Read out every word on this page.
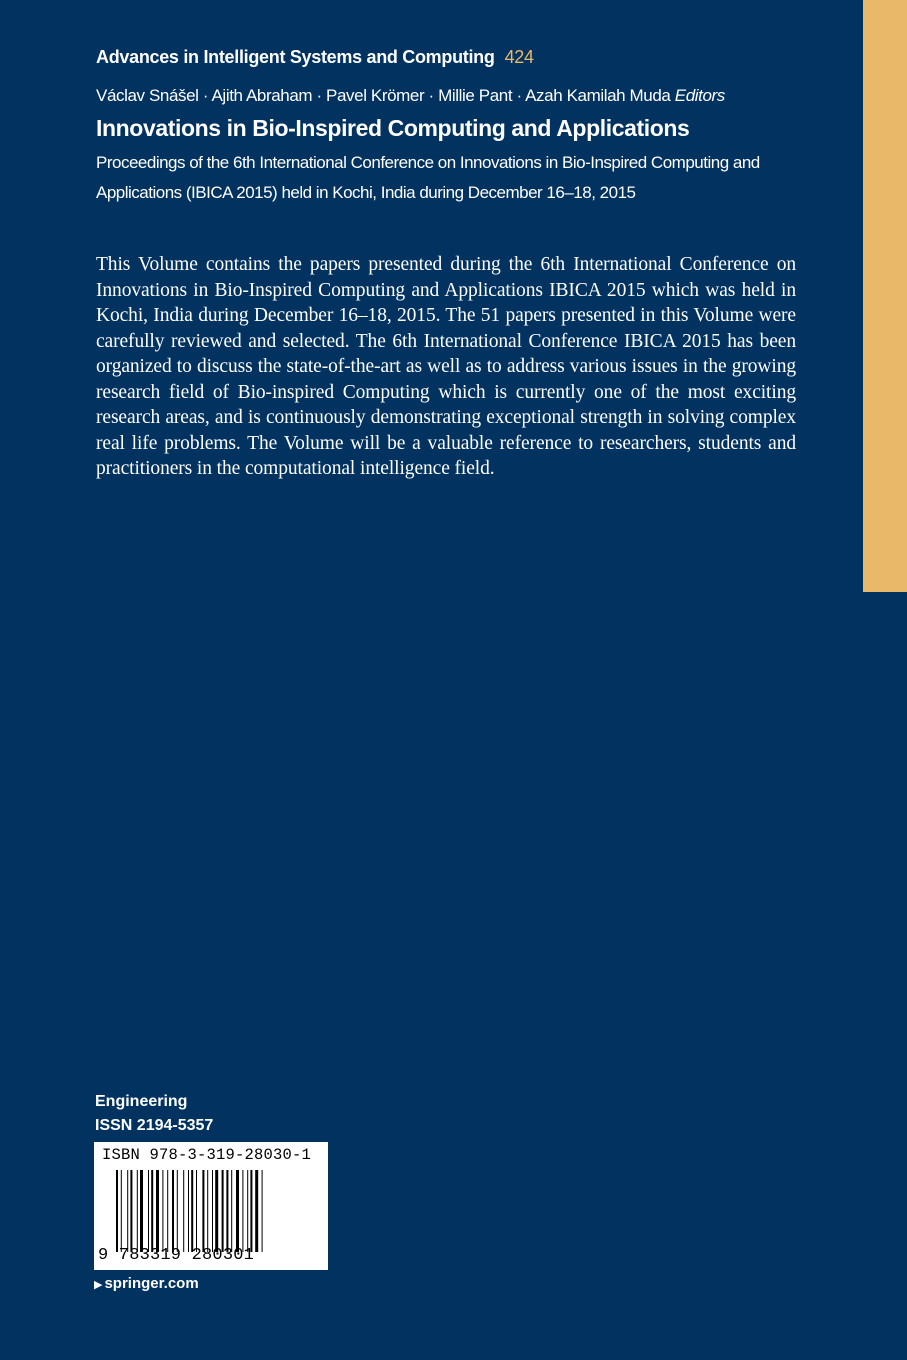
Advances in Intelligent Systems and Computing 424

Václav Snášel · Ajith Abraham · Pavel Krömer · Millie Pant · Azah Kamilah Muda Editors

Innovations in Bio-Inspired Computing and Applications

Proceedings of the 6th International Conference on Innovations in Bio-Inspired Computing and Applications (IBICA 2015) held in Kochi, India during December 16–18, 2015

This Volume contains the papers presented during the 6th International Conference on Innovations in Bio-Inspired Computing and Applications IBICA 2015 which was held in Kochi, India during December 16–18, 2015. The 51 papers presented in this Volume were carefully reviewed and selected. The 6th International Conference IBICA 2015 has been organized to discuss the state-of-the-art as well as to address various issues in the growing research field of Bio-inspired Computing which is currently one of the most exciting research areas, and is continuously demonstrating exceptional strength in solving complex real life problems. The Volume will be a valuable reference to researchers, students and practitioners in the computational intelligence field.

Engineering
ISSN 2194-5357
ISBN 978-3-319-28030-1
9 783319 280301

▶ springer.com
